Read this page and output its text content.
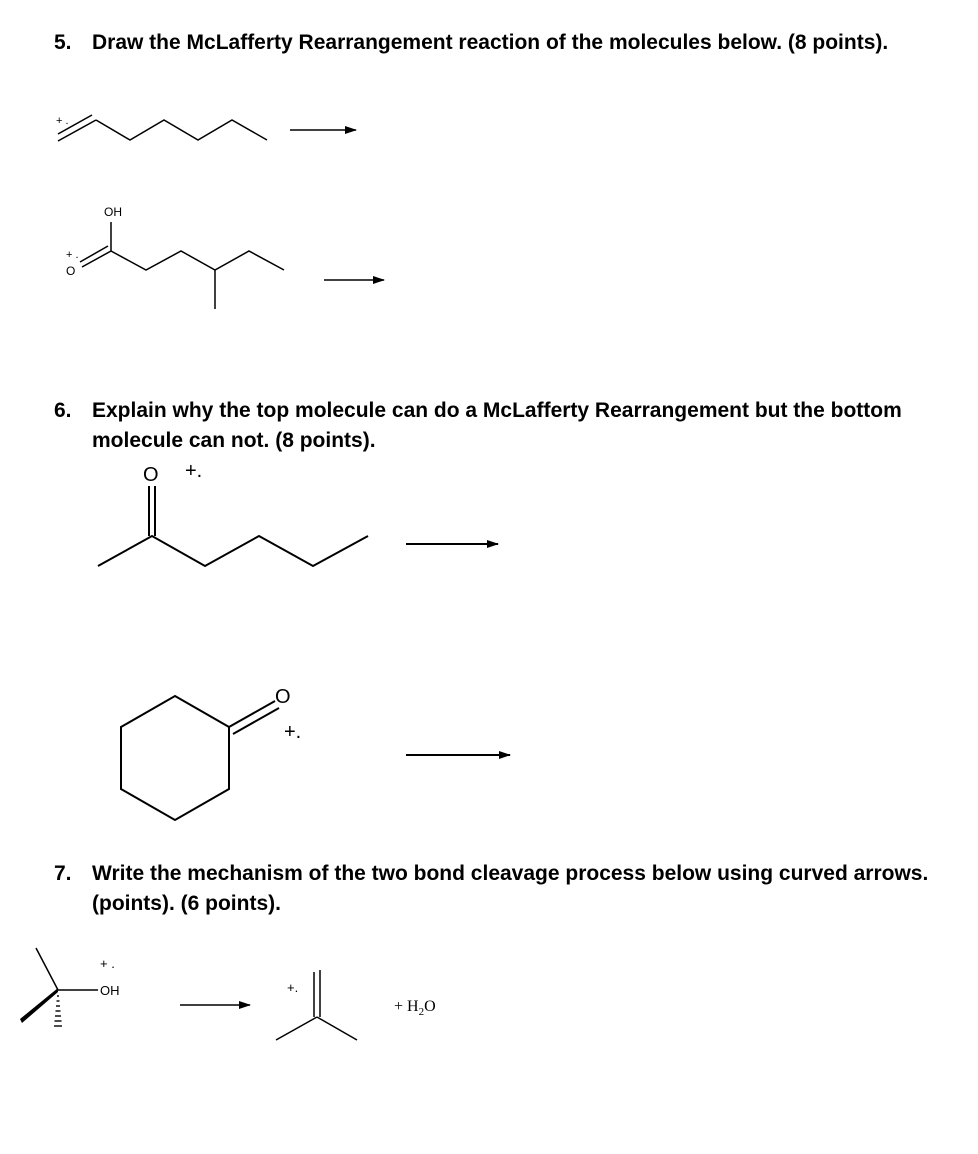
5. Draw the McLafferty Rearrangement reaction of the molecules below. (8 points).
6. Explain why the top molecule can do a McLafferty Rearrangement but the bottom
molecule can not. (8 points).
7. Write the mechanism of the two bond cleavage process below using curved arrows.
(points). (6 points).
+ .
OH
O
+ .
O +.
O
+.
+ .
OH	+.
+ $H_2O$
